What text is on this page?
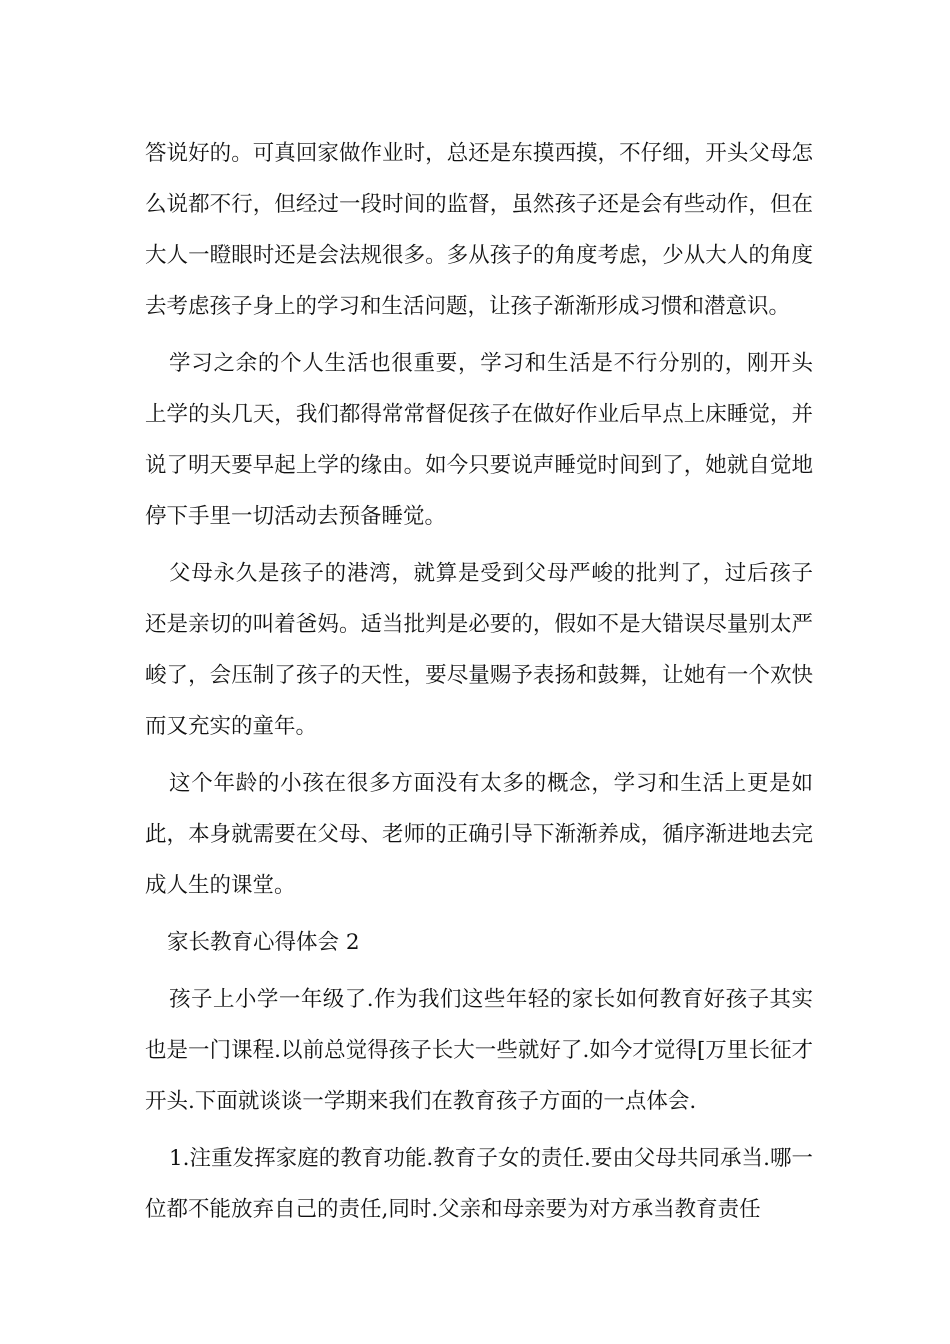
答说好的。可真回家做作业时，总还是东摸西摸，不仔细，开头父母怎么说都不行，但经过一段时间的监督，虽然孩子还是会有些动作，但在大人一瞪眼时还是会法规很多。多从孩子的角度考虑，少从大人的角度去考虑孩子身上的学习和生活问题，让孩子渐渐形成习惯和潜意识。

学习之余的个人生活也很重要，学习和生活是不行分别的，刚开头上学的头几天，我们都得常常督促孩子在做好作业后早点上床睡觉，并说了明天要早起上学的缘由。如今只要说声睡觉时间到了，她就自觉地停下手里一切活动去预备睡觉。

父母永久是孩子的港湾，就算是受到父母严峻的批判了，过后孩子还是亲切的叫着爸妈。适当批判是必要的，假如不是大错误尽量别太严峻了，会压制了孩子的天性，要尽量赐予表扬和鼓舞，让她有一个欢快而又充实的童年。

这个年龄的小孩在很多方面没有太多的概念，学习和生活上更是如此，本身就需要在父母、老师的正确引导下渐渐养成，循序渐进地去完成人生的课堂。

家长教育心得体会 2

孩子上小学一年级了.作为我们这些年轻的家长如何教育好孩子其实也是一门课程.以前总觉得孩子长大一些就好了.如今才觉得[万里长征才开头.下面就谈谈一学期来我们在教育孩子方面的一点体会.

1.注重发挥家庭的教育功能.教育子女的责任.要由父母共同承当.哪一位都不能放弃自己的责任,同时.父亲和母亲要为对方承当教育责任
